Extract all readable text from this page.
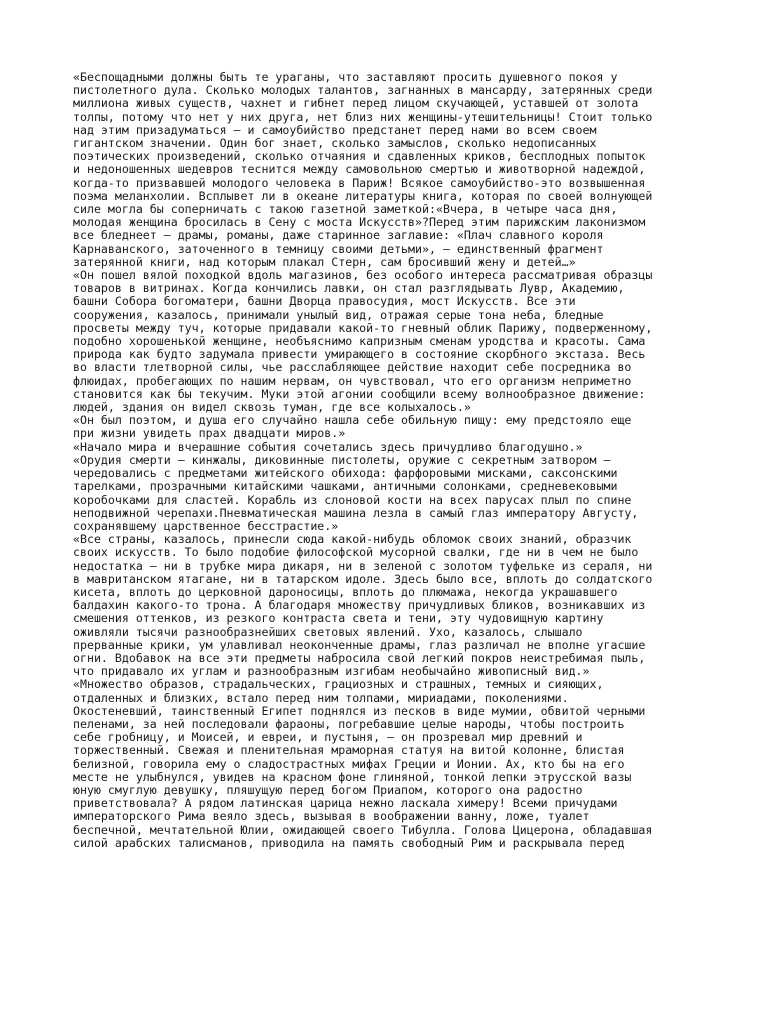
«Беспощадными должны быть те ураганы, что заставляют просить душевного покоя у
пистолетного дула. Сколько молодых талантов, загнанных в мансарду, затерянных среди
миллиона живых существ, чахнет и гибнет перед лицом скучающей, уставшей от золота
толпы, потому что нет у них друга, нет близ них женщины-утешительницы! Стоит только
над этим призадуматься — и самоубийство предстанет перед нами во всем своем
гигантском значении. Один бог знает, сколько замыслов, сколько недописанных
поэтических произведений, сколько отчаяния и сдавленных криков, бесплодных попыток
и недоношенных шедевров теснится между самовольною смертью и животворной надеждой,
когда-то призвавшей молодого человека в Париж! Всякое самоубийство-это возвышенная
поэма меланхолии. Всплывет ли в океане литературы книга, которая по своей волнующей
силе могла бы соперничать с такою газетной заметкой:«Вчера, в четыре часа дня,
молодая женщина бросилась в Сену с моста Искусств»?Перед этим парижским лаконизмом
все бледнеет — драмы, романы, даже старинное заглавие: «Плач славного короля
Карнаванского, заточенного в темницу своими детьми», — единственный фрагмент
затерянной книги, над которым плакал Стерн, сам бросивший жену и детей…»

«Он пошел вялой походкой вдоль магазинов, без особого интереса рассматривая образцы
товаров в витринах. Когда кончились лавки, он стал разглядывать Лувр, Академию,
башни Собора богоматери, башни Дворца правосудия, мост Искусств. Все эти
сооружения, казалось, принимали унылый вид, отражая серые тона неба, бледные
просветы между туч, которые придавали какой-то гневный облик Парижу, подверженному,
подобно хорошенькой женщине, необъяснимо капризным сменам уродства и красоты. Сама
природа как будто задумала привести умирающего в состояние скорбного экстаза. Весь
во власти тлетворной силы, чье расслабляющее действие находит себе посредника во
флюидах, пробегающих по нашим нервам, он чувствовал, что его организм неприметно
становится как бы текучим. Муки этой агонии сообщили всему волнообразное движение:
людей, здания он видел сквозь туман, где все колыхалось.»

«Он был поэтом, и душа его случайно нашла себе обильную пищу: ему предстояло еще
при жизни увидеть прах двадцати миров.»

«Начало мира и вчерашние события сочетались здесь причудливо благодушно.»

«Орудия смерти — кинжалы, диковинные пистолеты, оружие с секретным затвором —
чередовались с предметами житейского обихода: фарфоровыми мисками, саксонскими
тарелками, прозрачными китайскими чашками, античными солонками, средневековыми
коробочками для сластей. Корабль из слоновой кости на всех парусах плыл по спине
неподвижной черепахи.Пневматическая машина лезла в самый глаз императору Августу,
сохранявшему царственное бесстрастие.»

«Все страны, казалось, принесли сюда какой-нибудь обломок своих знаний, образчик
своих искусств. То было подобие философской мусорной свалки, где ни в чем не было
недостатка — ни в трубке мира дикаря, ни в зеленой с золотом туфельке из сераля, ни
в мавританском ятагане, ни в татарском идоле. Здесь было все, вплоть до солдатского
кисета, вплоть до церковной дароносицы, вплоть до плюмажа, некогда украшавшего
балдахин какого-то трона. А благодаря множеству причудливых бликов, возникавших из
смешения оттенков, из резкого контраста света и тени, эту чудовищную картину
оживляли тысячи разнообразнейших световых явлений. Ухо, казалось, слышало
прерванные крики, ум улавливал неоконченные драмы, глаз различал не вполне угасшие
огни. Вдобавок на все эти предметы набросила свой легкий покров неистребимая пыль,
что придавало их углам и разнообразным изгибам необычайно живописный вид.»

«Множество образов, страдальческих, грациозных и страшных, темных и сияющих,
отдаленных и близких, встало перед ним толпами, мириадами, поколениями.
Окостеневший, таинственный Египет поднялся из песков в виде мумии, обвитой черными
пеленами, за ней последовали фараоны, погребавшие целые народы, чтобы построить
себе гробницу, и Моисей, и евреи, и пустыня, — он прозревал мир древний и
торжественный. Свежая и пленительная мраморная статуя на витой колонне, блистая
белизной, говорила ему о сладострастных мифах Греции и Ионии. Ах, кто бы на его
месте не улыбнулся, увидев на красном фоне глиняной, тонкой лепки этрусской вазы
юную смуглую девушку, пляшущую перед богом Приапом, которого она радостно
приветствовала? А рядом латинская царица нежно ласкала химеру! Всеми причудами
императорского Рима веяло здесь, вызывая в воображении ванну, ложе, туалет
беспечной, мечтательной Юлии, ожидающей своего Тибулла. Голова Цицерона, обладавшая
силой арабских талисманов, приводила на память свободный Рим и раскрывала перед
